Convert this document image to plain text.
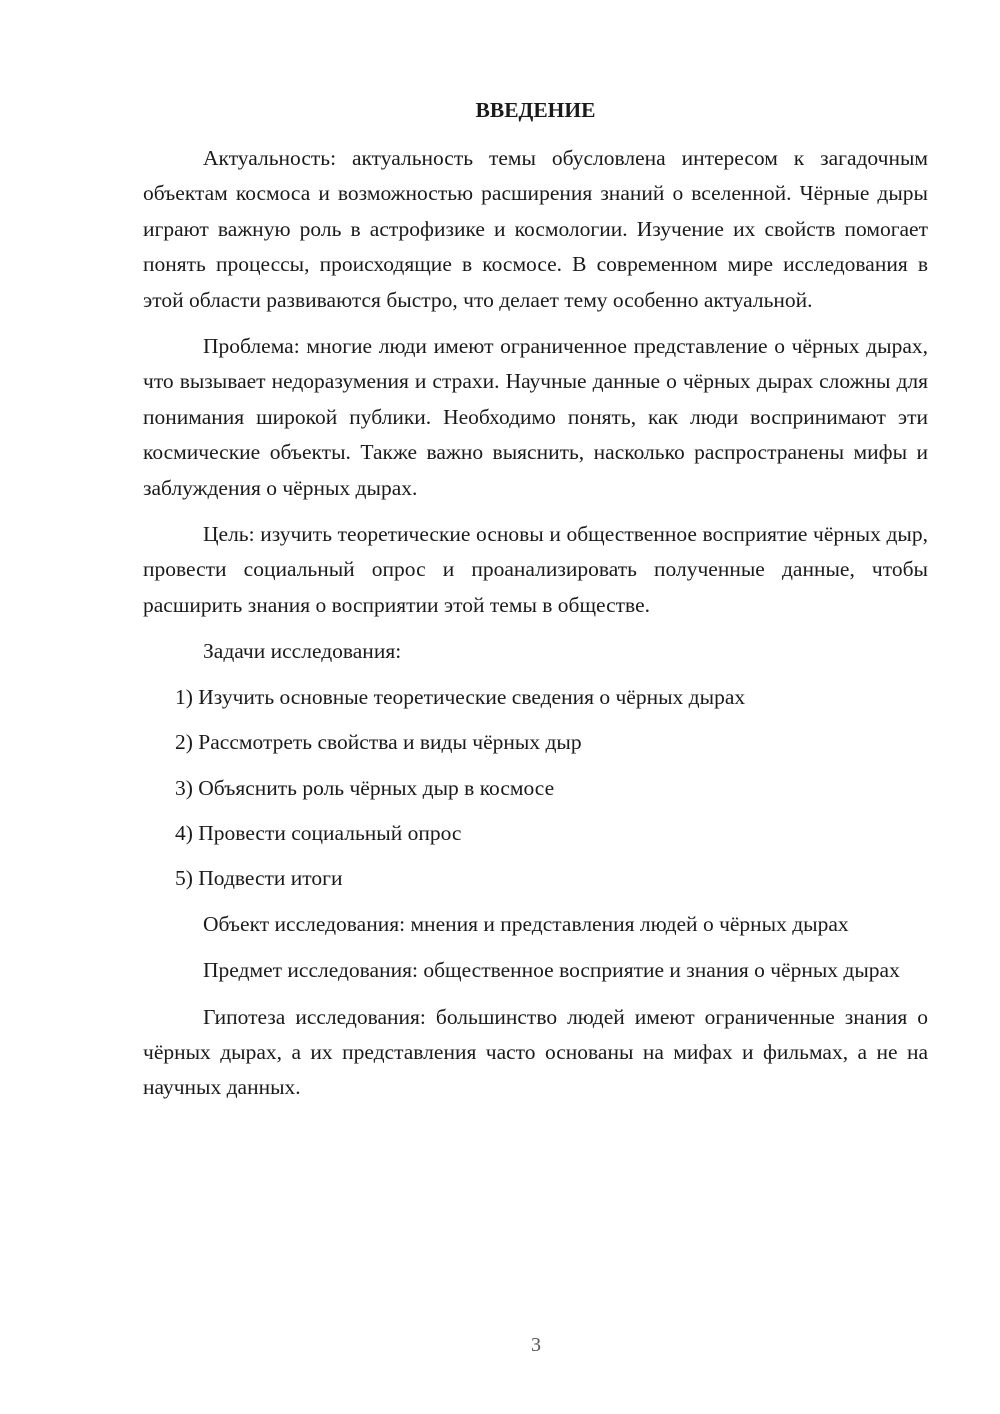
ВВЕДЕНИЕ

Актуальность: актуальность темы обусловлена интересом к загадочным объектам космоса и возможностью расширения знаний о вселенной. Чёрные дыры играют важную роль в астрофизике и космологии. Изучение их свойств помогает понять процессы, происходящие в космосе. В современном мире исследования в этой области развиваются быстро, что делает тему особенно актуальной.

Проблема: многие люди имеют ограниченное представление о чёрных дырах, что вызывает недоразумения и страхи. Научные данные о чёрных дырах сложны для понимания широкой публики. Необходимо понять, как люди воспринимают эти космические объекты. Также важно выяснить, насколько распространены мифы и заблуждения о чёрных дырах.

Цель: изучить теоретические основы и общественное восприятие чёрных дыр, провести социальный опрос и проанализировать полученные данные, чтобы расширить знания о восприятии этой темы в обществе.

Задачи исследования:

1) Изучить основные теоретические сведения о чёрных дырах
2) Рассмотреть свойства и виды чёрных дыр
3) Объяснить роль чёрных дыр в космосе
4) Провести социальный опрос
5) Подвести итоги

Объект исследования: мнения и представления людей о чёрных дырах

Предмет исследования: общественное восприятие и знания о чёрных дырах

Гипотеза исследования: большинство людей имеют ограниченные знания о чёрных дырах, а их представления часто основаны на мифах и фильмах, а не на научных данных.

3
